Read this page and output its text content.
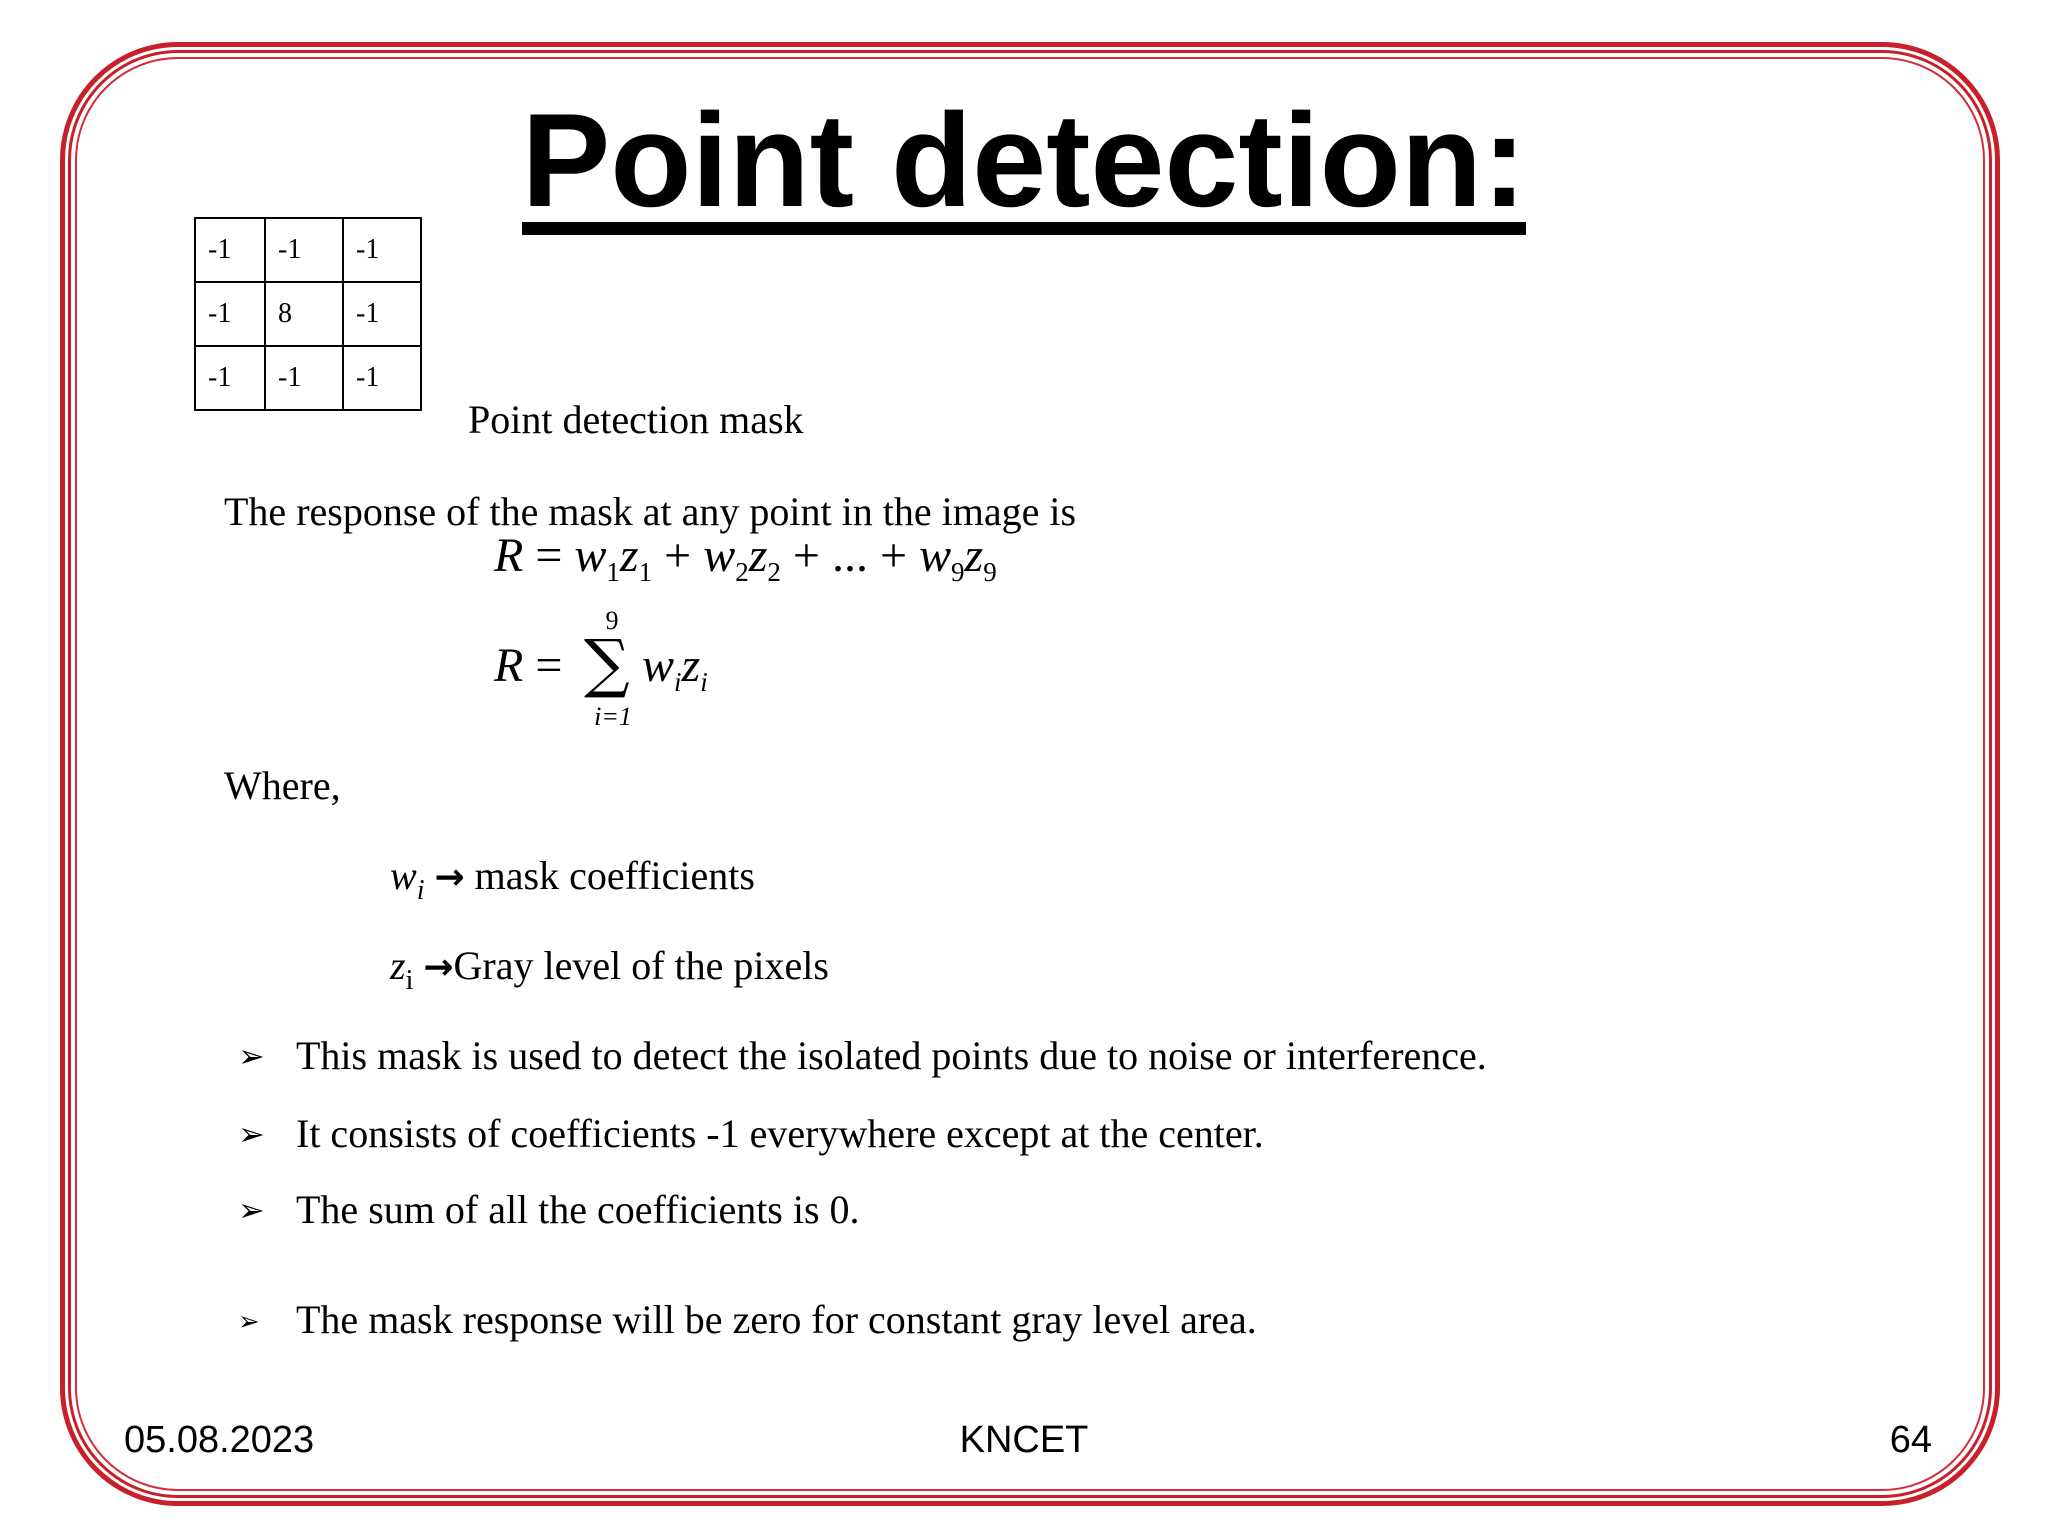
Point detection:
-1	-1	-1
-1	8	-1
-1	-1	-1
Point detection mask
The response of the mask at any point in the image is
$R = w_1z_1 + w_2z_2$ + ... + $w_9z_9$
R =
9
∑
i=1
$w_iz_i$
Where,
$w_i$ → mask coefficients
$z_i$ →Gray level of the pixels
➢ This mask is used to detect the isolated points due to noise or interference.
➢ It consists of coefficients -1 everywhere except at the center.
➢ The sum of all the coefficients is 0.
➢ The mask response will be zero for constant gray level area.
05.08.2023	KNCET	64
